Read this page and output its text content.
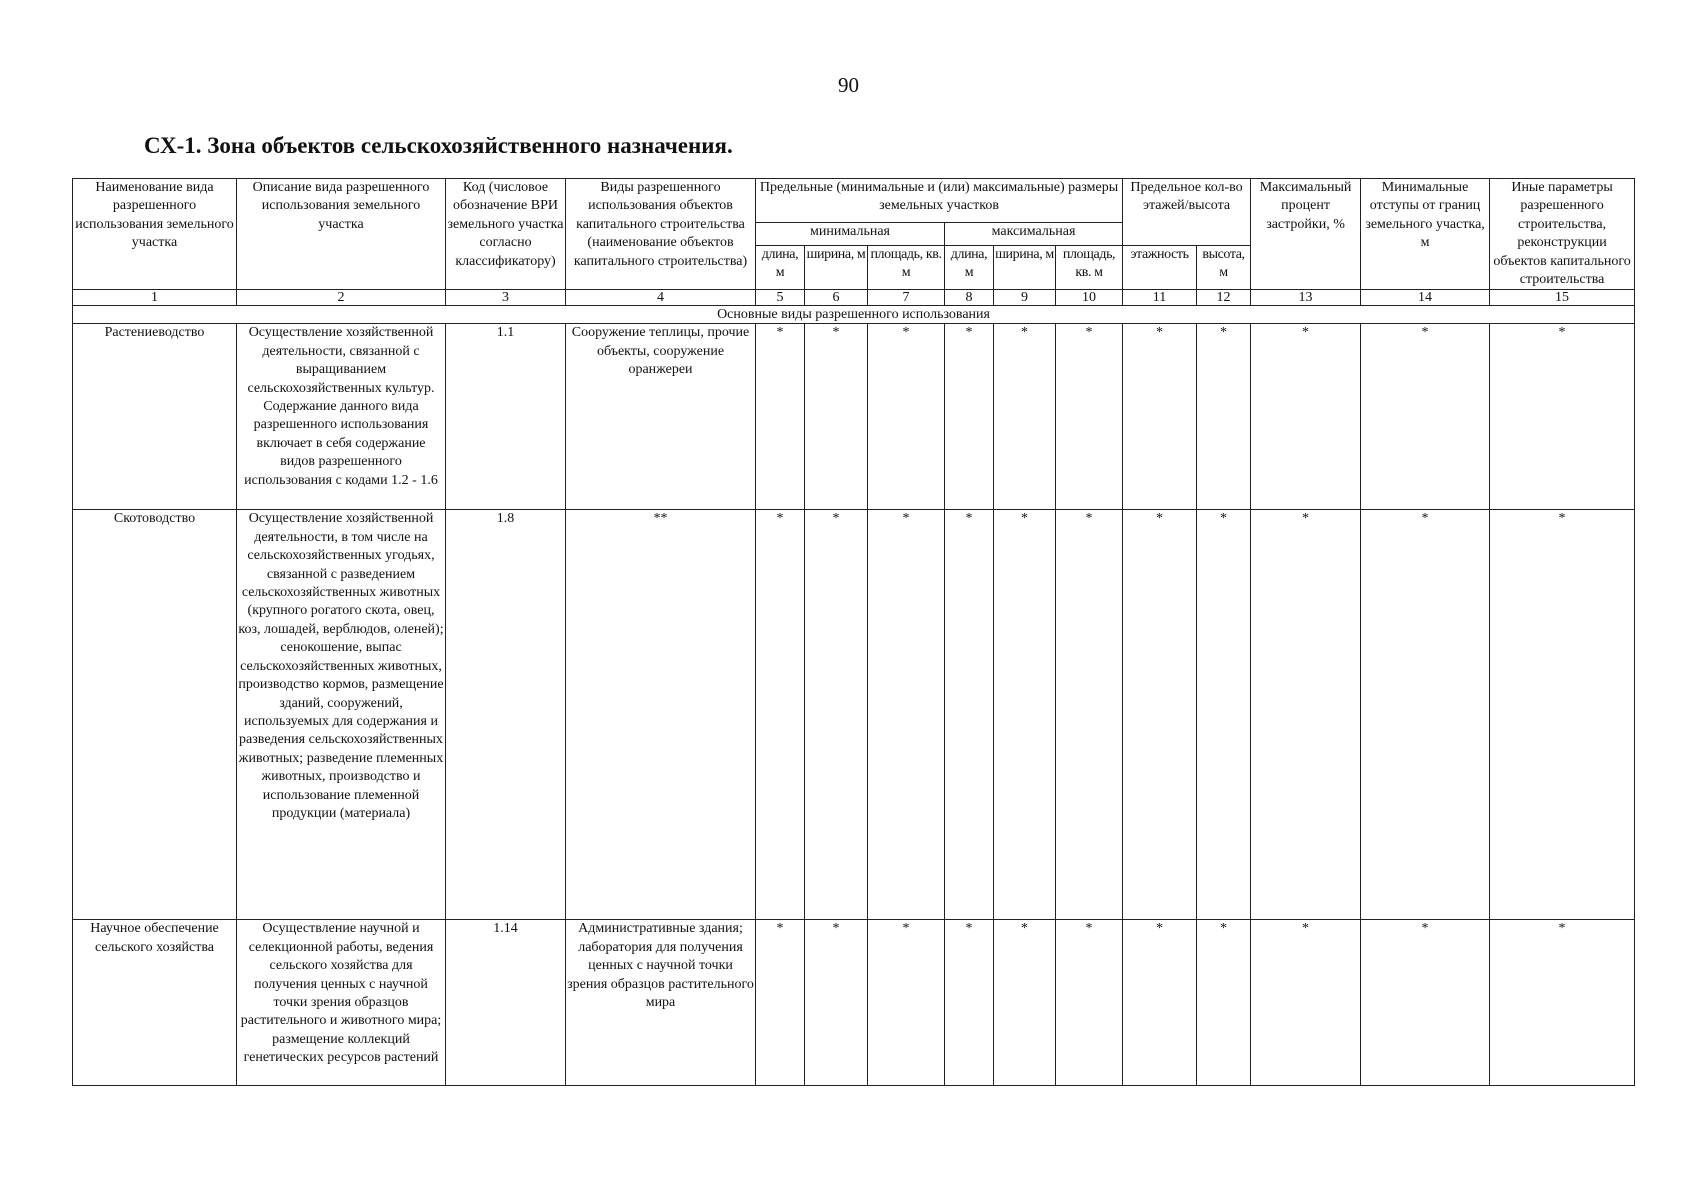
90
СХ-1. Зона объектов сельскохозяйственного назначения.
Наименование вида разрешенного использования земельного участка	Описание вида разрешенного использования земельного участка	Код (числовое обозначение ВРИ земельного участка согласно классификатору)	Виды разрешенного использования объектов капитального строительства (наименование объектов капитального строительства)	Предельные (минимальные и (или) максимальные) размеры земельных участков						Предельное кол-во этажей/высота		Максимальный процент застройки, %	Минимальные отступы от границ земельного участка, м	Иные параметры разрешенного строительства, реконструкции объектов капитального строительства
				минимальная			максимальная							
				длина, м	ширина, м	площадь, кв. м	длина, м	ширина, м	площадь, кв. м	этажность	высота, м			
1	2	3	4	5	6	7	8	9	10	11	12	13	14	15
Основные виды разрешенного использования														
Растениеводство	Осуществление хозяйственной деятельности, связанной с выращиванием сельскохозяйственных культур. Содержание данного вида разрешенного использования включает в себя содержание видов разрешенного использования с кодами 1.2 - 1.6	1.1	Сооружение теплицы, прочие объекты, сооружение оранжереи	*	*	*	*	*	*	*	*	*	*	*
Скотоводство	Осуществление хозяйственной деятельности, в том числе на сельскохозяйственных угодьях, связанной с разведением сельскохозяйственных животных (крупного рогатого скота, овец, коз, лошадей, верблюдов, оленей); сенокошение, выпас сельскохозяйственных животных, производство кормов, размещение зданий, сооружений, используемых для содержания и разведения сельскохозяйственных животных; разведение племенных животных, производство и использование племенной продукции (материала)	1.8	**	*	*	*	*	*	*	*	*	*	*	*
Научное обеспечение сельского хозяйства	Осуществление научной и селекционной работы, ведения сельского хозяйства для получения ценных с научной точки зрения образцов растительного и животного мира; размещение коллекций генетических ресурсов растений	1.14	Административные здания; лаборатория для получения ценных с научной точки зрения образцов растительного мира	*	*	*	*	*	*	*	*	*	*	*
